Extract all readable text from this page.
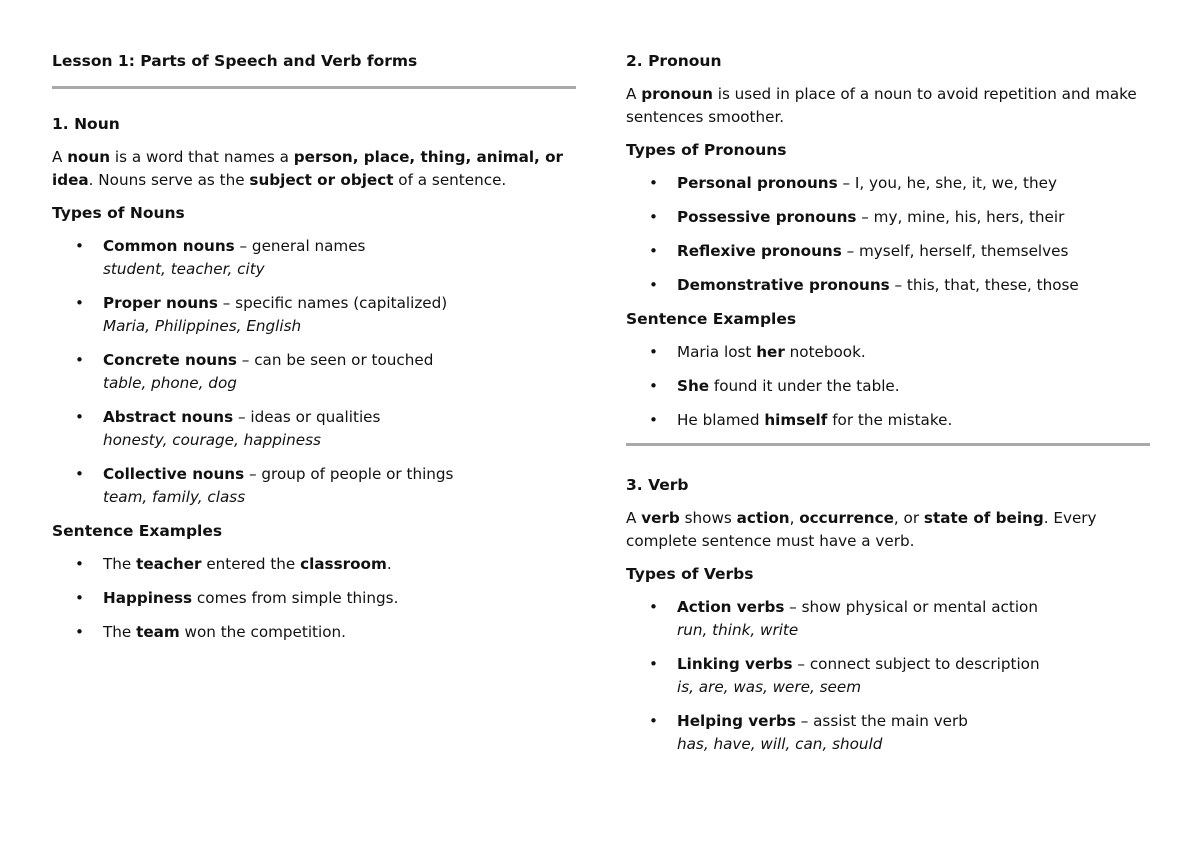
Lesson 1: Parts of Speech and Verb forms
1. Noun
A noun is a word that names a person, place, thing, animal, or idea. Nouns serve as the subject or object of a sentence.
Types of Nouns
• Common nouns – general names
student, teacher, city
• Proper nouns – specific names (capitalized)
Maria, Philippines, English
• Concrete nouns – can be seen or touched
table, phone, dog
• Abstract nouns – ideas or qualities
honesty, courage, happiness
• Collective nouns – group of people or things
team, family, class
Sentence Examples
• The teacher entered the classroom.
• Happiness comes from simple things.
• The team won the competition.
2. Pronoun
A pronoun is used in place of a noun to avoid repetition and make sentences smoother.
Types of Pronouns
• Personal pronouns – I, you, he, she, it, we, they
• Possessive pronouns – my, mine, his, hers, their
• Reflexive pronouns – myself, herself, themselves
• Demonstrative pronouns – this, that, these, those
Sentence Examples
• Maria lost her notebook.
• She found it under the table.
• He blamed himself for the mistake.
3. Verb
A verb shows action, occurrence, or state of being. Every complete sentence must have a verb.
Types of Verbs
• Action verbs – show physical or mental action
run, think, write
• Linking verbs – connect subject to description
is, are, was, were, seem
• Helping verbs – assist the main verb
has, have, will, can, should
